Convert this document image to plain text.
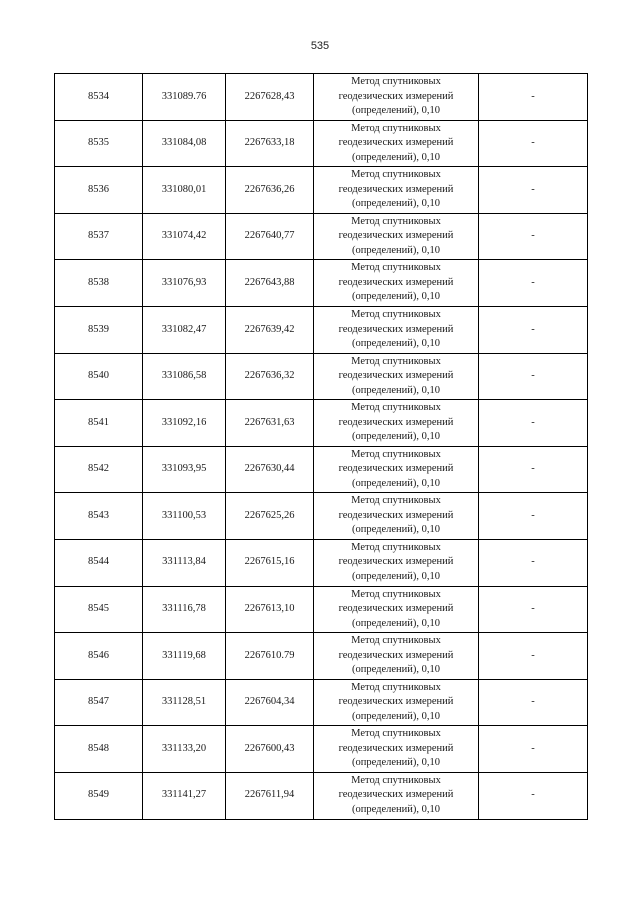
535
8534	331089.76	2267628,43	Метод спутниковых
геодезических измерений
(определений), 0,10	-
8535	331084,08	2267633,18	Метод спутниковых
геодезических измерений
(определений), 0,10	-
8536	331080,01	2267636,26	Метод спутниковых
геодезических измерений
(определений), 0,10	-
8537	331074,42	2267640,77	Метод спутниковых
геодезических измерений
(определений), 0,10	-
8538	331076,93	2267643,88	Метод спутниковых
геодезических измерений
(определений), 0,10	-
8539	331082,47	2267639,42	Метод спутниковых
геодезических измерений
(определений), 0,10	-
8540	331086,58	2267636,32	Метод спутниковых
геодезических измерений
(определений), 0,10	-
8541	331092,16	2267631,63	Метод спутниковых
геодезических измерений
(определений), 0,10	-
8542	331093,95	2267630,44	Метод спутниковых
геодезических измерений
(определений), 0,10	-
8543	331100,53	2267625,26	Метод спутниковых
геодезических измерений
(определений), 0,10	-
8544	331113,84	2267615,16	Метод спутниковых
геодезических измерений
(определений), 0,10	-
8545	331116,78	2267613,10	Метод спутниковых
геодезических измерений
(определений), 0,10	-
8546	331119,68	2267610.79	Метод спутниковых
геодезических измерений
(определений), 0,10	-
8547	331128,51	2267604,34	Метод спутниковых
геодезических измерений
(определений), 0,10	-
8548	331133,20	2267600,43	Метод спутниковых
геодезических измерений
(определений), 0,10	-
8549	331141,27	2267611,94	Метод спутниковых
геодезических измерений
(определений), 0,10	-
